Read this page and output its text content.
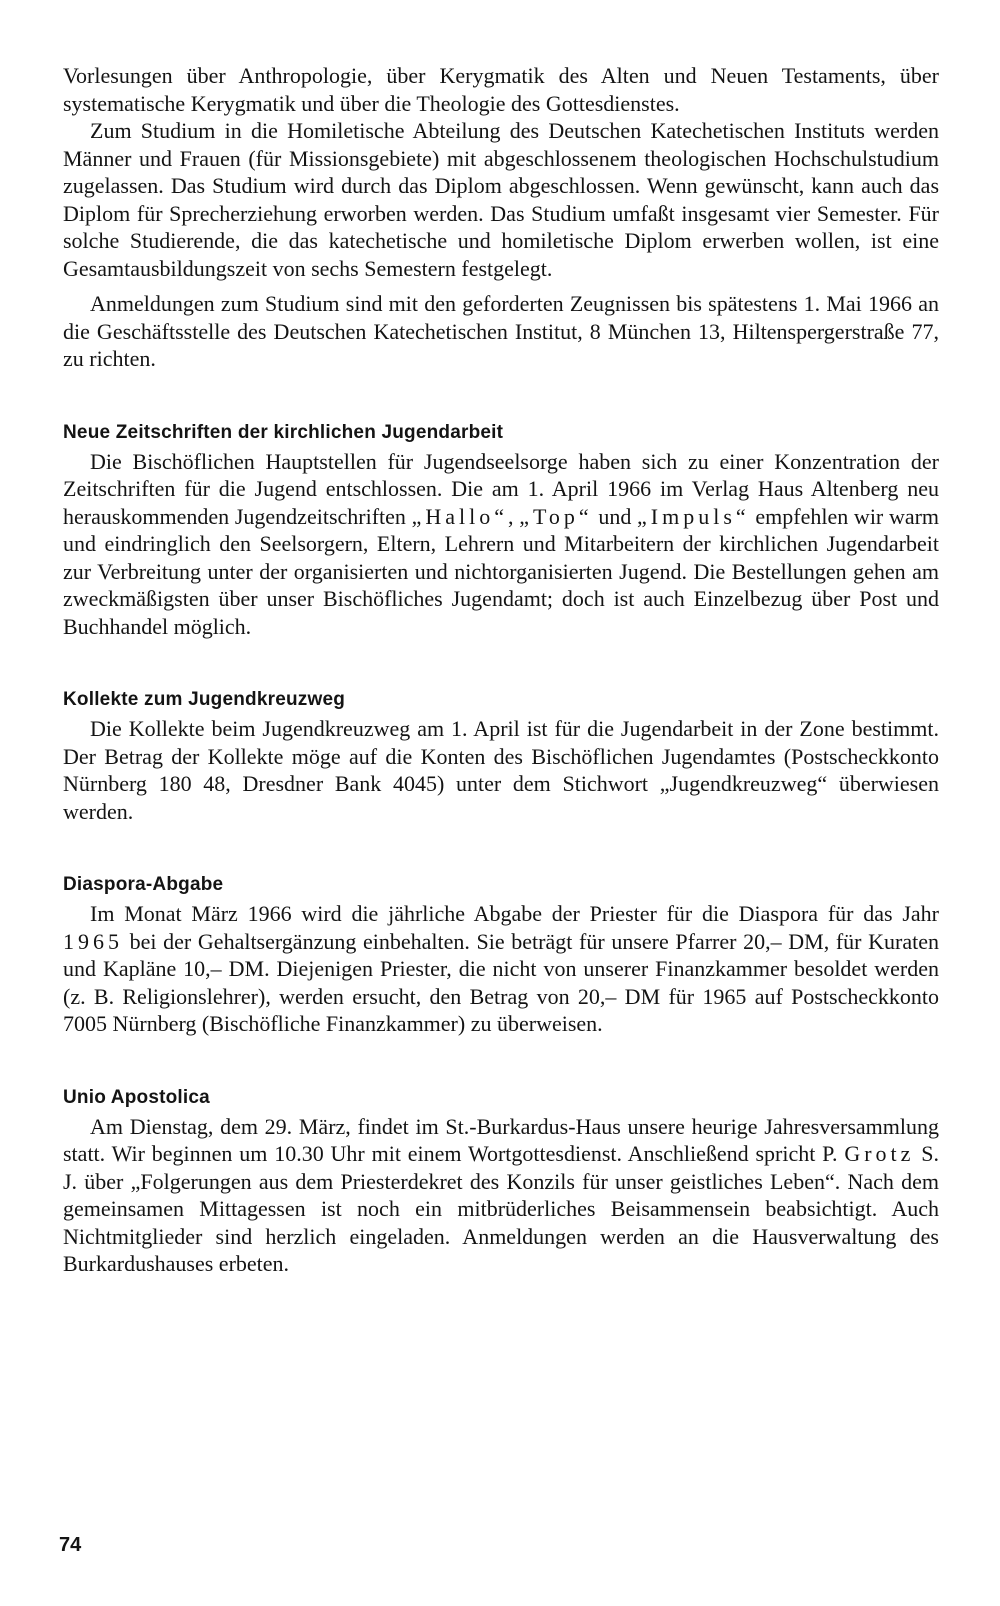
Vorlesungen über Anthropologie, über Kerygmatik des Alten und Neuen Testaments, über systematische Kerygmatik und über die Theologie des Gottesdienstes.

Zum Studium in die Homiletische Abteilung des Deutschen Katechetischen Instituts werden Männer und Frauen (für Missionsgebiete) mit abgeschlossenem theologischen Hochschulstudium zugelassen. Das Studium wird durch das Diplom abgeschlossen. Wenn gewünscht, kann auch das Diplom für Sprecherziehung erworben werden. Das Studium umfaßt insgesamt vier Semester. Für solche Studierende, die das katechetische und homiletische Diplom erwerben wollen, ist eine Gesamtausbildungszeit von sechs Semestern festgelegt.

Anmeldungen zum Studium sind mit den geforderten Zeugnissen bis spätestens 1. Mai 1966 an die Geschäftsstelle des Deutschen Katechetischen Institut, 8 München 13, Hiltenspergerstraße 77, zu richten.

Neue Zeitschriften der kirchlichen Jugendarbeit

Die Bischöflichen Hauptstellen für Jugendseelsorge haben sich zu einer Konzentration der Zeitschriften für die Jugend entschlossen. Die am 1. April 1966 im Verlag Haus Altenberg neu herauskommenden Jugendzeitschriften „Hallo“, „Top“ und „Impuls“ empfehlen wir warm und eindringlich den Seelsorgern, Eltern, Lehrern und Mitarbeitern der kirchlichen Jugendarbeit zur Verbreitung unter der organisierten und nichtorganisierten Jugend. Die Bestellungen gehen am zweckmäßigsten über unser Bischöfliches Jugendamt; doch ist auch Einzelbezug über Post und Buchhandel möglich.

Kollekte zum Jugendkreuzweg

Die Kollekte beim Jugendkreuzweg am 1. April ist für die Jugendarbeit in der Zone bestimmt. Der Betrag der Kollekte möge auf die Konten des Bischöflichen Jugendamtes (Postscheckkonto Nürnberg 180 48, Dresdner Bank 4045) unter dem Stichwort „Jugendkreuzweg“ überwiesen werden.

Diaspora-Abgabe

Im Monat März 1966 wird die jährliche Abgabe der Priester für die Diaspora für das Jahr 1965 bei der Gehaltsergänzung einbehalten. Sie beträgt für unsere Pfarrer 20,– DM, für Kuraten und Kapläne 10,– DM. Diejenigen Priester, die nicht von unserer Finanzkammer besoldet werden (z. B. Religionslehrer), werden ersucht, den Betrag von 20,– DM für 1965 auf Postscheckkonto 7005 Nürnberg (Bischöfliche Finanzkammer) zu überweisen.

Unio Apostolica

Am Dienstag, dem 29. März, findet im St.-Burkardus-Haus unsere heurige Jahresversammlung statt. Wir beginnen um 10.30 Uhr mit einem Wortgottesdienst. Anschließend spricht P. Grotz S. J. über „Folgerungen aus dem Priesterdekret des Konzils für unser geistliches Leben“. Nach dem gemeinsamen Mittagessen ist noch ein mitbrüderliches Beisammensein beabsichtigt. Auch Nichtmitglieder sind herzlich eingeladen. Anmeldungen werden an die Hausverwaltung des Burkardushauses erbeten.

74
